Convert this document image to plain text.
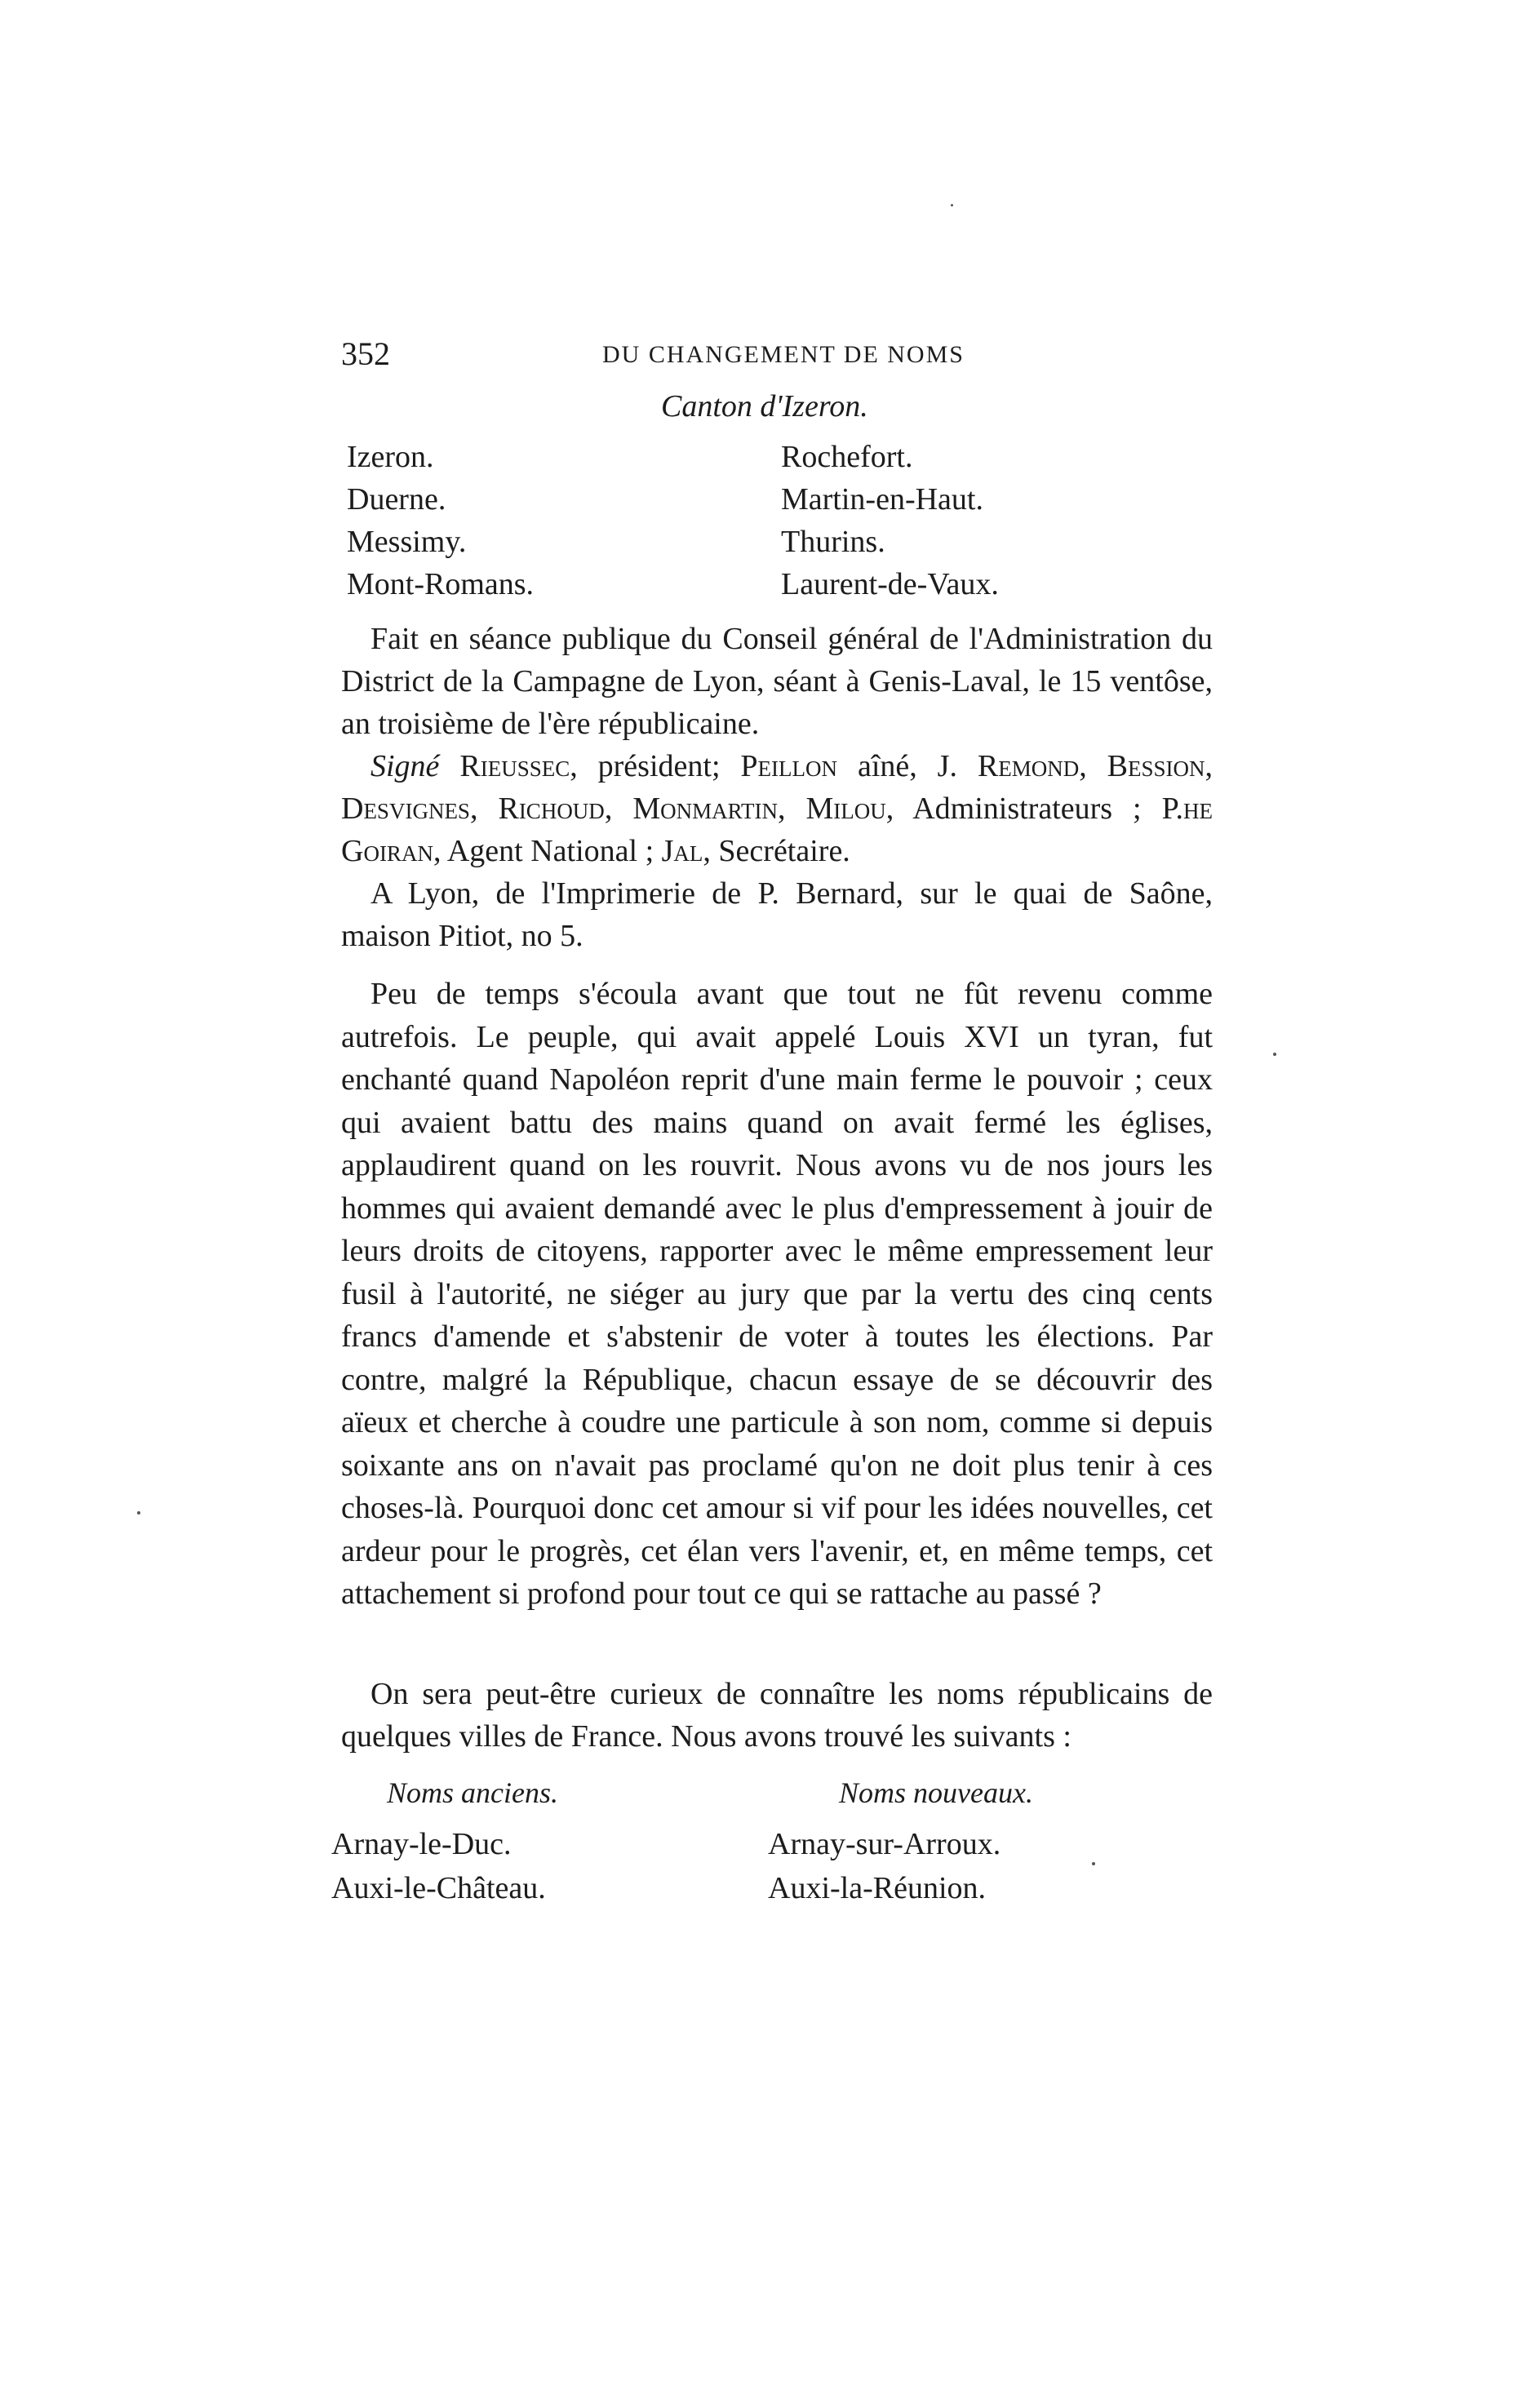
352	DU CHANGEMENT DE NOMS
Canton d'Izeron.
Izeron.	Rochefort.
Duerne.	Martin-en-Haut.
Messimy.	Thurins.
Mont-Romans.	Laurent-de-Vaux.

Fait en séance publique du Conseil général de l'Administration du District de la Campagne de Lyon, séant à Genis-Laval, le 15 ventôse, an troisième de l'ère républicaine.

Signé Rieussec, président; Peillon aîné, J. Remond, Bession, Desvignes, Richoud, Monmartin, Milou, Administrateurs ; P.he Goiran, Agent National ; Jal, Secrétaire.

A Lyon, de l'Imprimerie de P. Bernard, sur le quai de Saône, maison Pitiot, no 5.

Peu de temps s'écoula avant que tout ne fût revenu comme autrefois. Le peuple, qui avait appelé Louis XVI un tyran, fut enchanté quand Napoléon reprit d'une main ferme le pouvoir ; ceux qui avaient battu des mains quand on avait fermé les églises, applaudirent quand on les rouvrit. Nous avons vu de nos jours les hommes qui avaient demandé avec le plus d'empressement à jouir de leurs droits de citoyens, rapporter avec le même empressement leur fusil à l'autorité, ne siéger au jury que par la vertu des cinq cents francs d'amende et s'abstenir de voter à toutes les élections. Par contre, malgré la République, chacun essaye de se découvrir des aïeux et cherche à coudre une particule à son nom, comme si depuis soixante ans on n'avait pas proclamé qu'on ne doit plus tenir à ces choses-là. Pourquoi donc cet amour si vif pour les idées nouvelles, cet ardeur pour le progrès, cet élan vers l'avenir, et, en même temps, cet attachement si profond pour tout ce qui se rattache au passé ?

On sera peut-être curieux de connaître les noms républicains de quelques villes de France. Nous avons trouvé les suivants :

Noms anciens.	Noms nouveaux.
Arnay-le-Duc.	Arnay-sur-Arroux.
Auxi-le-Château.	Auxi-la-Réunion.
